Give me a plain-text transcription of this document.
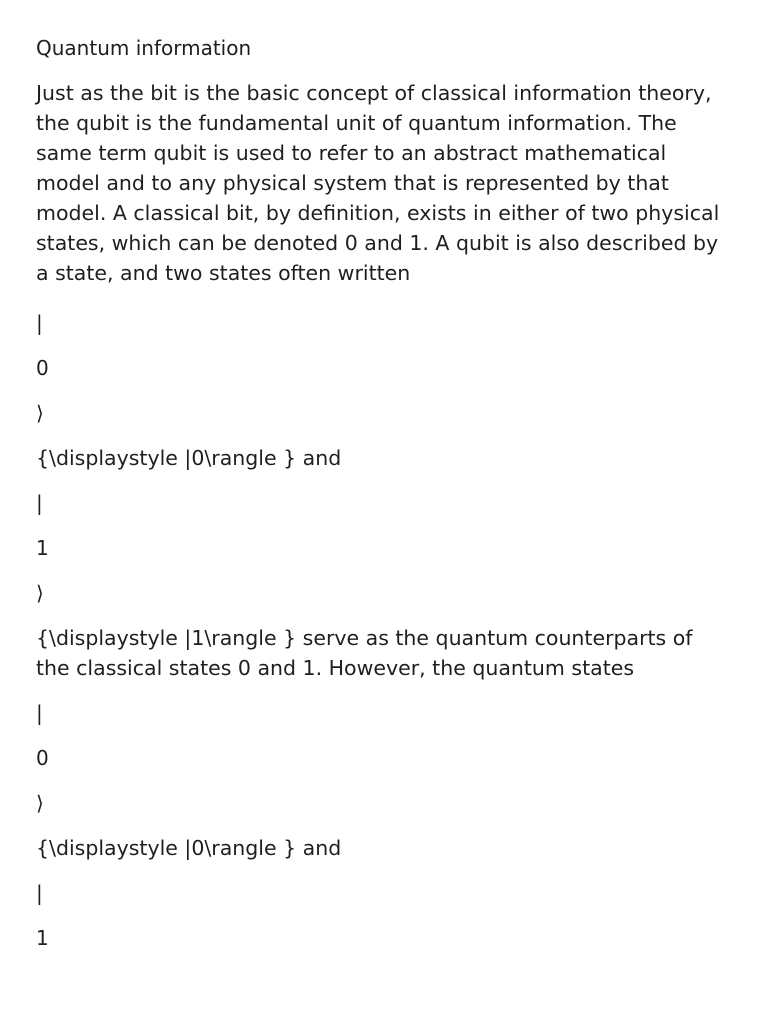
Quantum information

Just as the bit is the basic concept of classical information theory, the qubit is the fundamental unit of quantum information. The same term qubit is used to refer to an abstract mathematical model and to any physical system that is represented by that model. A classical bit, by definition, exists in either of two physical states, which can be denoted 0 and 1. A qubit is also described by a state, and two states often written

|
0
⟩

{\displaystyle |0\rangle } and

|
1
⟩

{\displaystyle |1\rangle } serve as the quantum counterparts of the classical states 0 and 1. However, the quantum states

|
0
⟩

{\displaystyle |0\rangle } and

|
1
